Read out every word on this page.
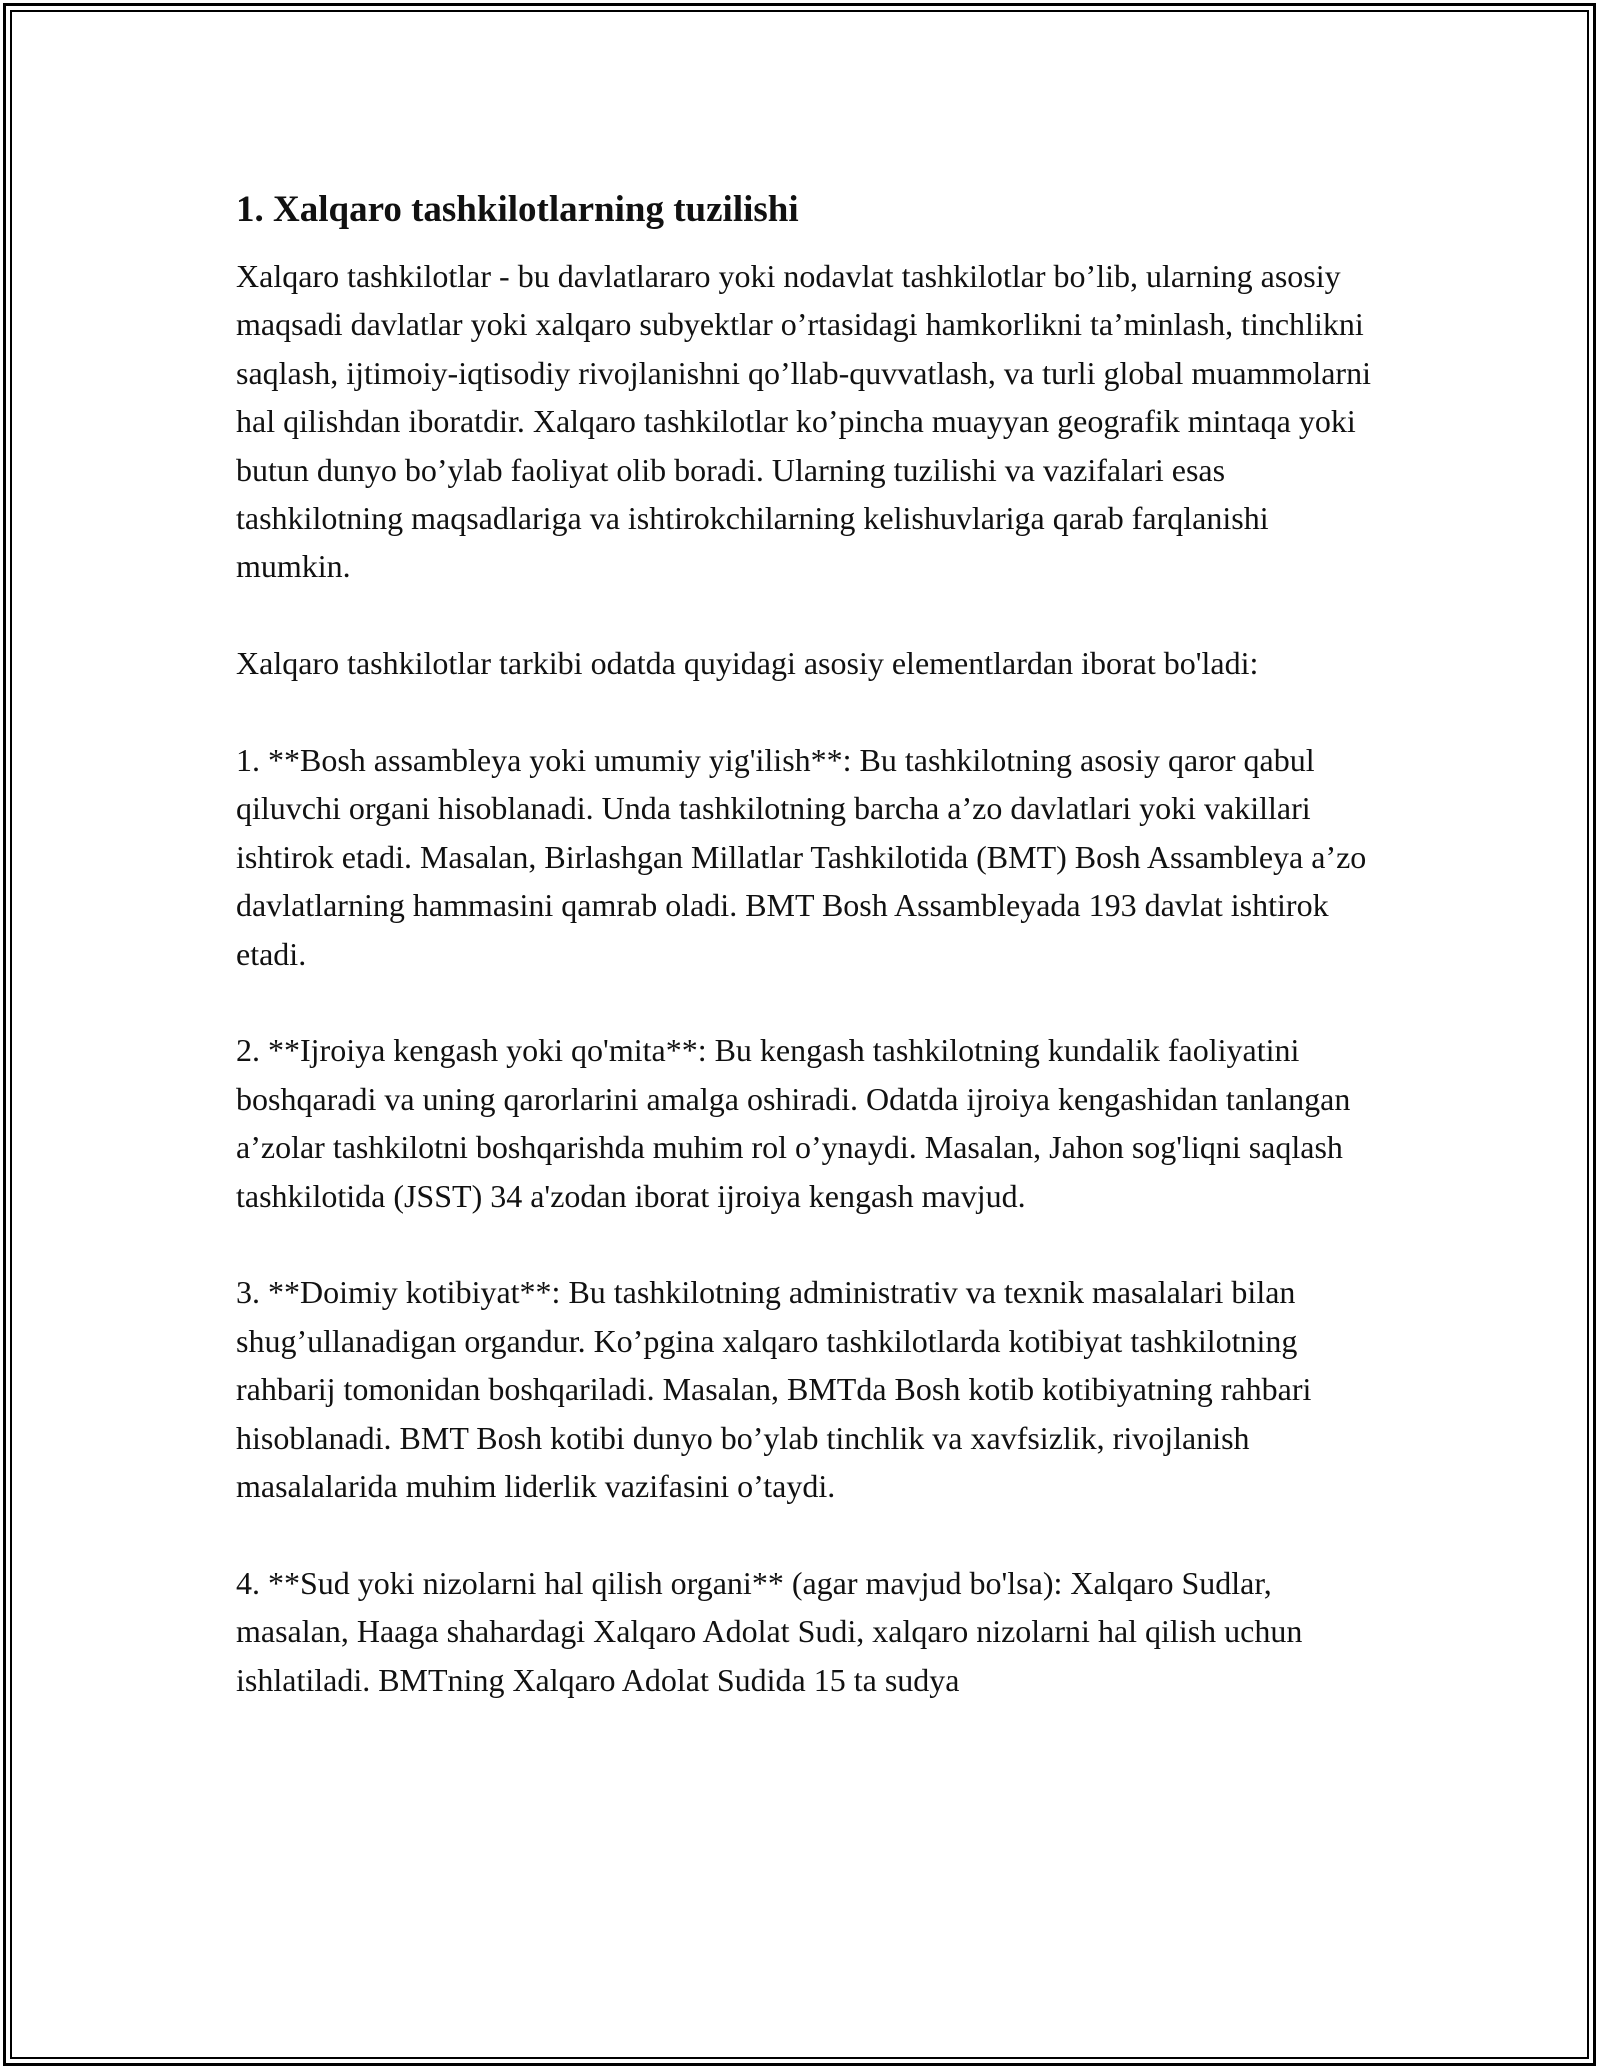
1. Xalqaro tashkilotlarning tuzilishi

Xalqaro tashkilotlar - bu davlatlararo yoki nodavlat tashkilotlar bo’lib, ularning asosiy maqsadi davlatlar yoki xalqaro subyektlar o’rtasidagi hamkorlikni ta’minlash, tinchlikni saqlash, ijtimoiy-iqtisodiy rivojlanishni qo’llab-quvvatlash, va turli global muammolarni hal qilishdan iboratdir. Xalqaro tashkilotlar ko’pincha muayyan geografik mintaqa yoki butun dunyo bo’ylab faoliyat olib boradi. Ularning tuzilishi va vazifalari esas tashkilotning maqsadlariga va ishtirokchilarning kelishuvlariga qarab farqlanishi mumkin.

Xalqaro tashkilotlar tarkibi odatda quyidagi asosiy elementlardan iborat bo'ladi:

1. **Bosh assambleya yoki umumiy yig'ilish**: Bu tashkilotning asosiy qaror qabul qiluvchi organi hisoblanadi. Unda tashkilotning barcha a’zo davlatlari yoki vakillari ishtirok etadi. Masalan, Birlashgan Millatlar Tashkilotida (BMT) Bosh Assambleya a’zo davlatlarning hammasini qamrab oladi. BMT Bosh Assambleyada 193 davlat ishtirok etadi.

2. **Ijroiya kengash yoki qo'mita**: Bu kengash tashkilotning kundalik faoliyatini boshqaradi va uning qarorlarini amalga oshiradi. Odatda ijroiya kengashidan tanlangan a’zolar tashkilotni boshqarishda muhim rol o’ynaydi. Masalan, Jahon sog'liqni saqlash tashkilotida (JSST) 34 a'zodan iborat ijroiya kengash mavjud.

3. **Doimiy kotibiyat**: Bu tashkilotning administrativ va texnik masalalari bilan shug’ullanadigan organdur. Ko’pgina xalqaro tashkilotlarda kotibiyat tashkilotning rahbarij tomonidan boshqariladi. Masalan, BMTda Bosh kotib kotibiyatning rahbari hisoblanadi. BMT Bosh kotibi dunyo bo’ylab tinchlik va xavfsizlik, rivojlanish masalalarida muhim liderlik vazifasini o’taydi.

4. **Sud yoki nizolarni hal qilish organi** (agar mavjud bo'lsa): Xalqaro Sudlar, masalan, Haaga shahardagi Xalqaro Adolat Sudi, xalqaro nizolarni hal qilish uchun ishlatiladi. BMTning Xalqaro Adolat Sudida 15 ta sudya
